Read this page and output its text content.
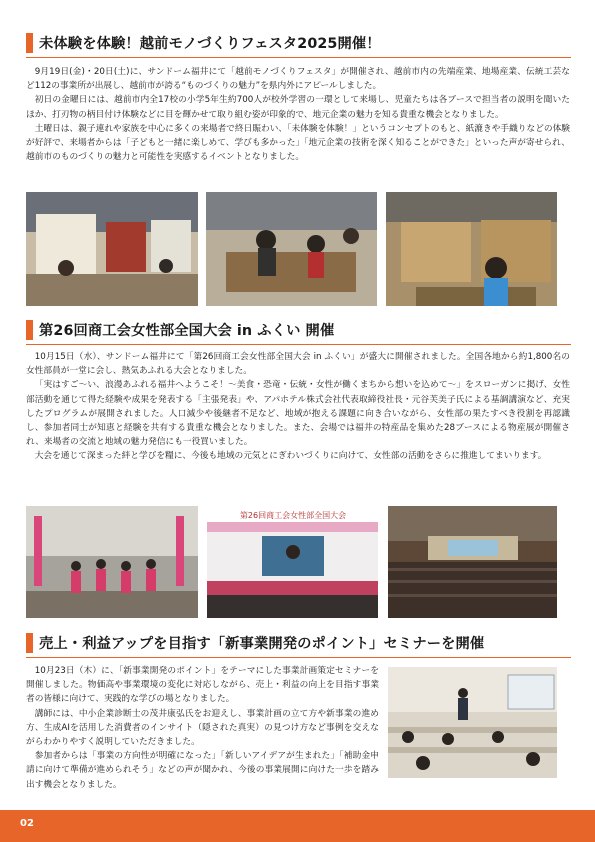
未体験を体験！越前モノづくりフェスタ2025開催！

9月19日(金)・20日(土)に、サンドーム福井にて「越前モノづくりフェスタ」が開催され、越前市内の先端産業、地場産業、伝統工芸など112の事業所が出展し、越前市が誇る“ものづくりの魅力”を県内外にアピールしました。

初日の金曜日には、越前市内全17校の小学5年生約700人が校外学習の一環として来場し、児童たちは各ブースで担当者の説明を聞いたほか、打刃物の柄目付け体験などに目を輝かせて取り組む姿が印象的で、地元企業の魅力を知る貴重な機会となりました。

土曜日は、親子連れや家族を中心に多くの来場者で終日賑わい、「未体験を体験！」というコンセプトのもと、紙漉きや手織りなどの体験が好評で、来場者からは「子どもと一緒に楽しめて、学びも多かった」「地元企業の技術を深く知ることができた」といった声が寄せられ、越前市のものづくりの魅力と可能性を実感するイベントとなりました。

第26回商工会女性部全国大会 in ふくい 開催

10月15日（水）、サンドーム福井にて「第26回商工会女性部全国大会 in ふくい」が盛大に開催されました。全国各地から約1,800名の女性部員が一堂に会し、熱気あふれる大会となりました。

「実はすご〜い、浪漫あふれる福井へようこそ！〜美食・恐竜・伝統・女性が働くまちから想いを込めて〜」をスローガンに掲げ、女性部活動を通じて得た経験や成果を発表する「主張発表」や、アパホテル株式会社代表取締役社長・元谷芙美子氏による基調講演など、充実したプログラムが展開されました。人口減少や後継者不足など、地域が抱える課題に向き合いながら、女性部の果たすべき役割を再認識し、参加者同士が知恵と経験を共有する貴重な機会となりました。また、会場では福井の特産品を集めた28ブースによる物産展が開催され、来場者の交流と地域の魅力発信にも一役買いました。

大会を通じて深まった絆と学びを糧に、今後も地域の元気とにぎわいづくりに向けて、女性部の活動をさらに推進してまいります。

第26回商工会女性部全国大会
売上・利益アップを目指す「新事業開発のポイント」セミナーを開催

10月23日（木）に、「新事業開発のポイント」をテーマにした事業計画策定セミナーを開催しました。物価高や事業環境の変化に対応しながら、売上・利益の向上を目指す事業者の皆様に向けて、実践的な学びの場となりました。

講師には、中小企業診断士の茂井康弘氏をお迎えし、事業計画の立て方や新事業の進め方、生成AIを活用した消費者のインサイト（隠された真実）の見つけ方など事例を交えながらわかりやすく説明していただきました。

参加者からは「事業の方向性が明確になった」「新しいアイデアが生まれた」「補助金申請に向けて準備が進められそう」などの声が聞かれ、今後の事業展開に向けた一歩を踏み出す機会となりました。

02
